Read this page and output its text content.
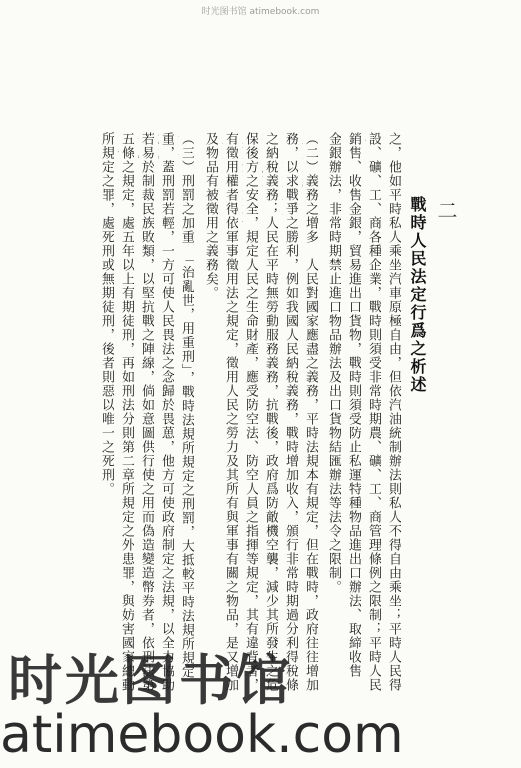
时光图书馆 atimebook.com
二
戰時人民法定行爲之析述
之，他如平時私人乘坐汽車原極自由，但依汽油統制辦法則私人不得自由乘坐；平時人民得
設、礦、工、商各種企業，戰時則須受非常時期農、礦、工、商管理條例之限制；平時人民
銷售、收售金銀，貿易進出口貨物，戰時則須受防止私運特種物品進出口辦法、取締收售
金銀辦法，非常時期禁止進口物品辦法及出口貨物結匯辦法等法令之限制。
（二）義務之增多　人民對國家應盡之義務，平時法規本有規定，但在戰時，政府往往增加
務，以求戰爭之勝利，例如我國人民納稅義務，戰時增加收入，頒行非常時期過分利得稅條
之納稅義務；人民在平時無勞動服務義務，抗戰後，政府爲防敵機空襲，減少其所發生之危
保後方之安全，規定人民之生命財產，應受防空法、防空人員之指揮等規定，其有違背者，
有徵用權者得依軍事徵用法之規定，徵用人民之勞力及其所有與軍事有關之物品，是又增加
及物品有被徵用之義務矣。
（三）刑罰之加重　「治亂世，用重刑」，戰時法規所規定之刑罰，大抵較平時法規所規定
重，蓋刑罰若輕，一方可使人民畏法之念歸於畏葸，他方可使政府制定之法規，以全力協助
若易於制裁民族敗類，以堅抗戰之陣線，倘如意圖供行使之用而偽造變造幣券者，依刑法第
五條之規定，處五年以上有期徒刑，再如刑法分則第二章所規定之外患罪，與妨害國家總動
所規定之罪，處死刑或無期徒刑，後者則惡以唯一之死刑。
时光图书馆
atimebook.com
